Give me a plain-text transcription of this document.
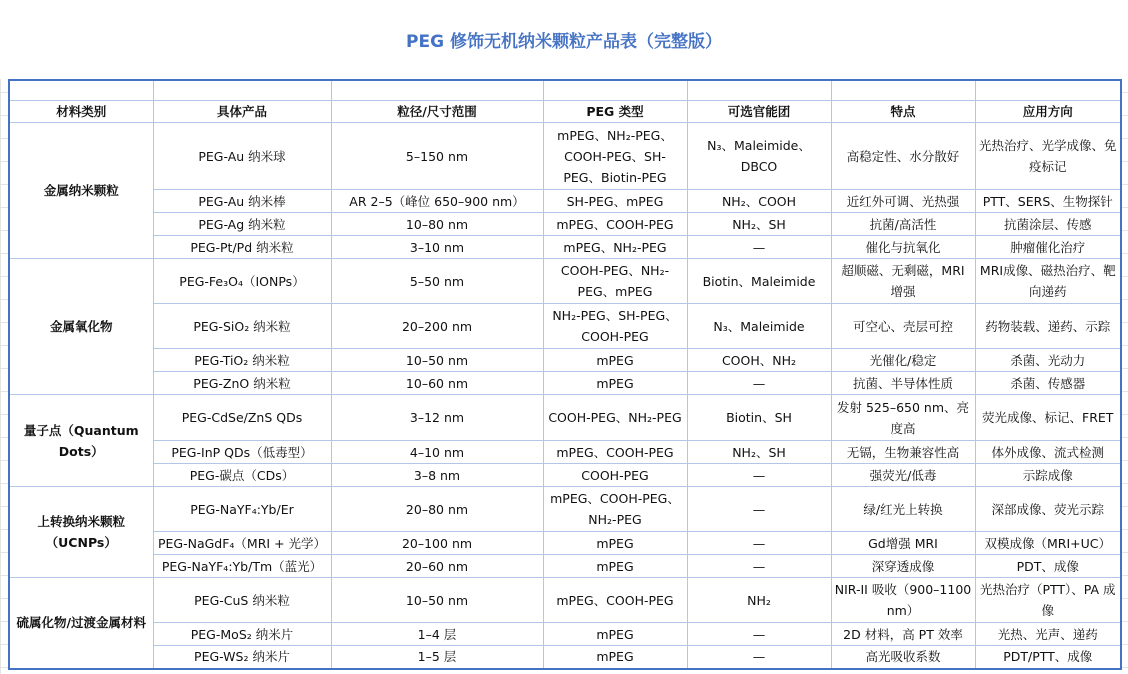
PEG 修饰无机纳米颗粒产品表（完整版）

材料类别	具体产品	粒径/尺寸范围	PEG 类型	可选官能团	特点	应用方向
金属纳米颗粒	PEG-Au 纳米球	5–150 nm	mPEG、NH₂-PEG、COOH-PEG、SH-PEG、Biotin-PEG	N₃、Maleimide、DBCO	高稳定性、水分散好	光热治疗、光学成像、免疫标记
	PEG-Au 纳米棒	AR 2–5（峰位 650–900 nm）	SH-PEG、mPEG	NH₂、COOH	近红外可调、光热强	PTT、SERS、生物探针
	PEG-Ag 纳米粒	10–80 nm	mPEG、COOH-PEG	NH₂、SH	抗菌/高活性	抗菌涂层、传感
	PEG-Pt/Pd 纳米粒	3–10 nm	mPEG、NH₂-PEG	—	催化与抗氧化	肿瘤催化治疗
金属氧化物	PEG-Fe₃O₄（IONPs）	5–50 nm	COOH-PEG、NH₂-PEG、mPEG	Biotin、Maleimide	超顺磁、无剩磁，MRI 增强	MRI成像、磁热治疗、靶向递药
	PEG-SiO₂ 纳米粒	20–200 nm	NH₂-PEG、SH-PEG、COOH-PEG	N₃、Maleimide	可空心、壳层可控	药物装载、递药、示踪
	PEG-TiO₂ 纳米粒	10–50 nm	mPEG	COOH、NH₂	光催化/稳定	杀菌、光动力
	PEG-ZnO 纳米粒	10–60 nm	mPEG	—	抗菌、半导体性质	杀菌、传感器
量子点（Quantum Dots）	PEG-CdSe/ZnS QDs	3–12 nm	COOH-PEG、NH₂-PEG	Biotin、SH	发射 525–650 nm、亮度高	荧光成像、标记、FRET
	PEG-InP QDs（低毒型）	4–10 nm	mPEG、COOH-PEG	NH₂、SH	无镉，生物兼容性高	体外成像、流式检测
	PEG-碳点（CDs）	3–8 nm	COOH-PEG	—	强荧光/低毒	示踪成像
上转换纳米颗粒（UCNPs）	PEG-NaYF₄:Yb/Er	20–80 nm	mPEG、COOH-PEG、NH₂-PEG	—	绿/红光上转换	深部成像、荧光示踪
	PEG-NaGdF₄（MRI + 光学）	20–100 nm	mPEG	—	Gd增强 MRI	双模成像（MRI+UC）
	PEG-NaYF₄:Yb/Tm（蓝光）	20–60 nm	mPEG	—	深穿透成像	PDT、成像
硫属化物/过渡金属材料	PEG-CuS 纳米粒	10–50 nm	mPEG、COOH-PEG	NH₂	NIR-II 吸收（900–1100 nm）	光热治疗（PTT）、PA 成像
	PEG-MoS₂ 纳米片	1–4 层	mPEG	—	2D 材料，高 PT 效率	光热、光声、递药
	PEG-WS₂ 纳米片	1–5 层	mPEG	—	高光吸收系数	PDT/PTT、成像
